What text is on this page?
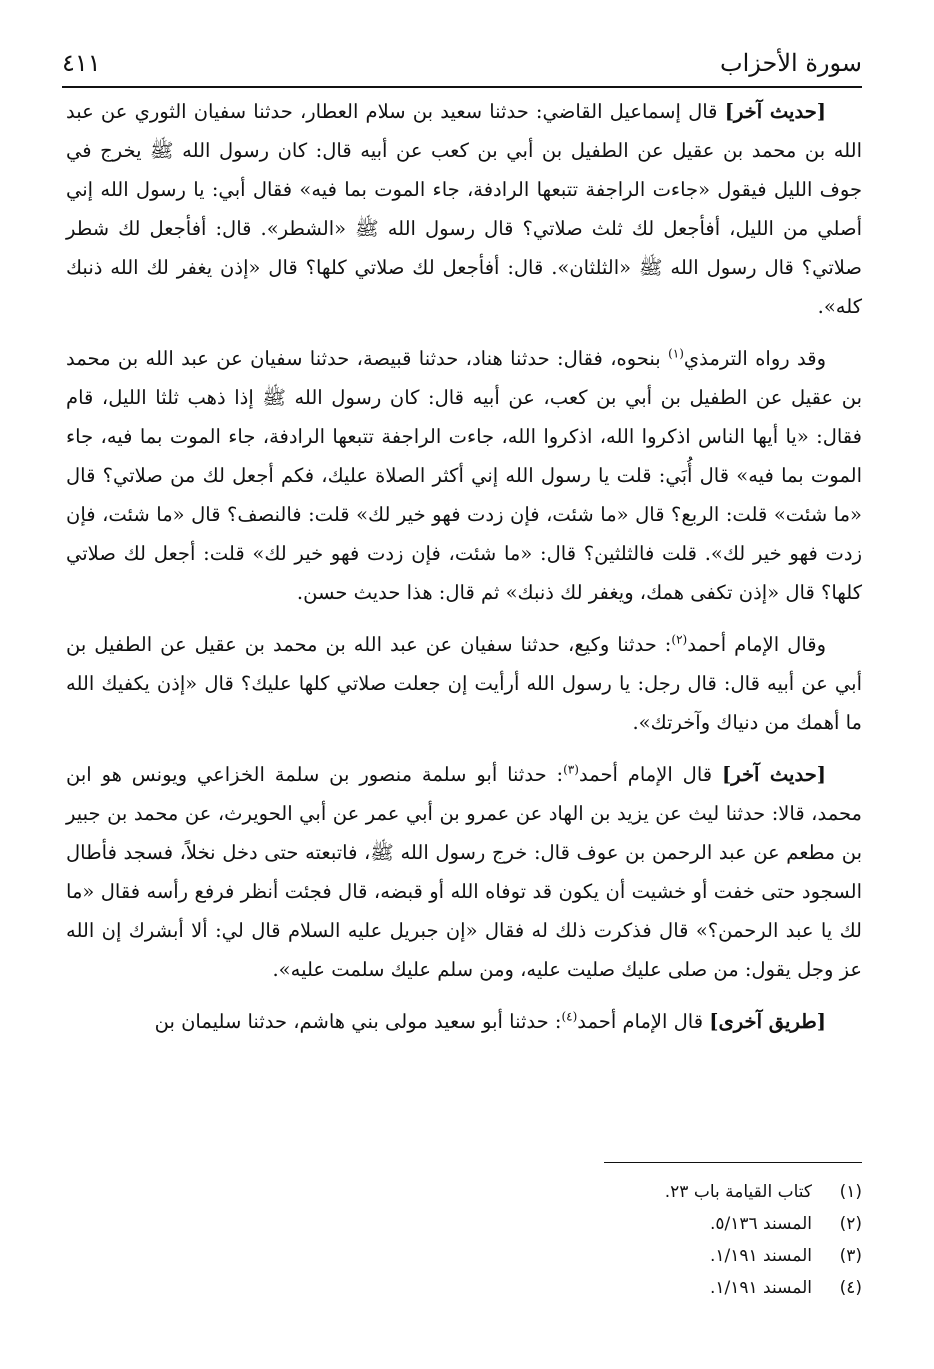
سورة الأحزاب
٤١١

[حديث آخر] قال إسماعيل القاضي: حدثنا سعيد بن سلام العطار، حدثنا سفيان الثوري عن عبد الله بن محمد بن عقيل عن الطفيل بن أبي بن كعب عن أبيه قال: كان رسول الله ﷺ يخرج في جوف الليل فيقول «جاءت الراجفة تتبعها الرادفة، جاء الموت بما فيه» فقال أبي: يا رسول الله إني أصلي من الليل، أفأجعل لك ثلث صلاتي؟ قال رسول الله ﷺ «الشطر». قال: أفأجعل لك شطر صلاتي؟ قال رسول الله ﷺ «الثلثان». قال: أفأجعل لك صلاتي كلها؟ قال «إذن يغفر لك الله ذنبك كله».

وقد رواه الترمذي$^{(١)}$ بنحوه، فقال: حدثنا هناد، حدثنا قبيصة، حدثنا سفيان عن عبد الله بن محمد بن عقيل عن الطفيل بن أبي بن كعب، عن أبيه قال: كان رسول الله ﷺ إذا ذهب ثلثا الليل، قام فقال: «يا أيها الناس اذكروا الله، اذكروا الله، جاءت الراجفة تتبعها الرادفة، جاء الموت بما فيه، جاء الموت بما فيه» قال أُبَي: قلت يا رسول الله إني أكثر الصلاة عليك، فكم أجعل لك من صلاتي؟ قال «ما شئت» قلت: الربع؟ قال «ما شئت، فإن زدت فهو خير لك» قلت: فالنصف؟ قال «ما شئت، فإن زدت فهو خير لك». قلت فالثلثين؟ قال: «ما شئت، فإن زدت فهو خير لك» قلت: أجعل لك صلاتي كلها؟ قال «إذن تكفى همك، ويغفر لك ذنبك» ثم قال: هذا حديث حسن.

وقال الإمام أحمد$^{(٢)}$: حدثنا وكيع، حدثنا سفيان عن عبد الله بن محمد بن عقيل عن الطفيل بن أبي عن أبيه قال: قال رجل: يا رسول الله أرأيت إن جعلت صلاتي كلها عليك؟ قال «إذن يكفيك الله ما أهمك من دنياك وآخرتك».

[حديث آخر] قال الإمام أحمد$^{(٣)}$: حدثنا أبو سلمة منصور بن سلمة الخزاعي ويونس هو ابن محمد، قالا: حدثنا ليث عن يزيد بن الهاد عن عمرو بن أبي عمر عن أبي الحويرث، عن محمد بن جبير بن مطعم عن عبد الرحمن بن عوف قال: خرج رسول الله ﷺ، فاتبعته حتى دخل نخلاً، فسجد فأطال السجود حتى خفت أو خشيت أن يكون قد توفاه الله أو قبضه، قال فجئت أنظر فرفع رأسه فقال «ما لك يا عبد الرحمن؟» قال فذكرت ذلك له فقال «إن جبريل عليه السلام قال لي: ألا أبشرك إن الله عز وجل يقول: من صلى عليك صليت عليه، ومن سلم عليك سلمت عليه».

[طريق آخرى] قال الإمام أحمد$^{(٤)}$: حدثنا أبو سعيد مولى بني هاشم، حدثنا سليمان بن

(١)
كتاب القيامة باب ٢٣.
(٢)
المسند ٥/١٣٦.
(٣)
المسند ١/١٩١.
(٤)
المسند ١/١٩١.
